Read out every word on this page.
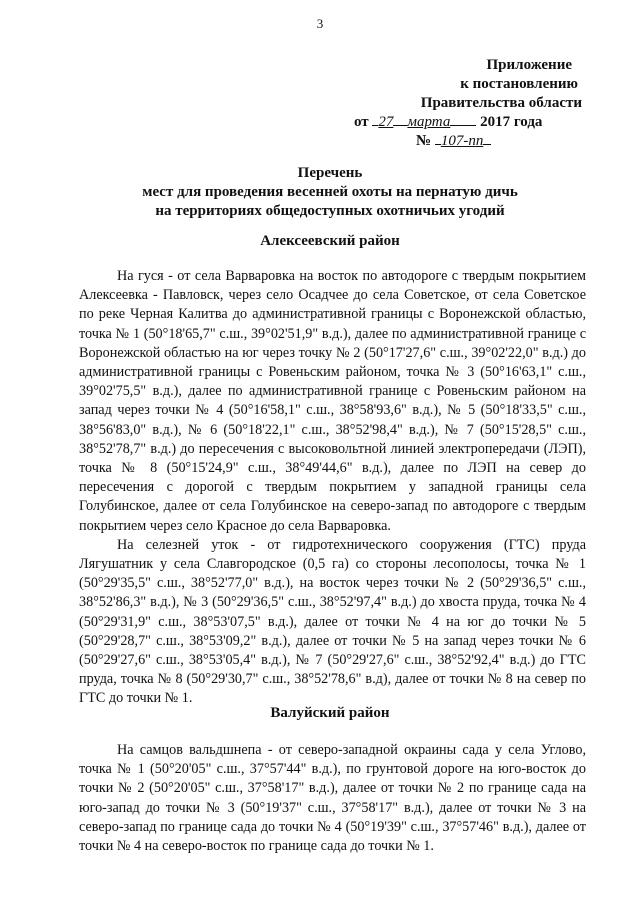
3
Приложение
к постановлению
Правительства области
от 27 марта 2017 года
№ 107-пп
Перечень
мест для проведения весенней охоты на пернатую дичь
на территориях общедоступных охотничьих угодий
Алексеевский район

На гуся - от села Варваровка на восток по автодороге с твердым покрытием Алексеевка - Павловск, через село Осадчее до села Советское, от села Советское по реке Черная Калитва до административной границы с Воронежской областью, точка № 1 (50°18'65,7" с.ш., 39°02'51,9" в.д.), далее по административной границе с Воронежской областью на юг через точку № 2 (50°17'27,6" с.ш., 39°02'22,0" в.д.) до административной границы с Ровеньским районом, точка № 3 (50°16'63,1" с.ш., 39°02'75,5" в.д.), далее по административной границе с Ровеньским районом на запад через точки № 4 (50°16'58,1" с.ш., 38°58'93,6" в.д.), № 5 (50°18'33,5" с.ш., 38°56'83,0" в.д.), № 6 (50°18'22,1" с.ш., 38°52'98,4" в.д.), № 7 (50°15'28,5" с.ш., 38°52'78,7" в.д.) до пересечения с высоковольтной линией электропередачи (ЛЭП), точка № 8 (50°15'24,9" с.ш., 38°49'44,6" в.д.), далее по ЛЭП на север до пересечения с дорогой с твердым покрытием у западной границы села Голубинское, далее от села Голубинское на северо-запад по автодороге с твердым покрытием через село Красное до села Варваровка.

На селезней уток - от гидротехнического сооружения (ГТС) пруда Лягушатник у села Славгородское (0,5 га) со стороны лесополосы, точка № 1 (50°29'35,5" с.ш., 38°52'77,0" в.д.), на восток через точки № 2 (50°29'36,5" с.ш., 38°52'86,3" в.д.), № 3 (50°29'36,5" с.ш., 38°52'97,4" в.д.) до хвоста пруда, точка № 4 (50°29'31,9" с.ш., 38°53'07,5" в.д.), далее от точки № 4 на юг до точки № 5 (50°29'28,7" с.ш., 38°53'09,2" в.д.), далее от точки № 5 на запад через точки № 6 (50°29'27,6" с.ш., 38°53'05,4" в.д.), № 7 (50°29'27,6" с.ш., 38°52'92,4" в.д.) до ГТС пруда, точка № 8 (50°29'30,7" с.ш., 38°52'78,6" в.д), далее от точки № 8 на север по ГТС до точки № 1.

Валуйский район

На самцов вальдшнепа - от северо-западной окраины сада у села Углово, точка № 1 (50°20'05" с.ш., 37°57'44" в.д.), по грунтовой дороге на юго-восток до точки № 2 (50°20'05" с.ш., 37°58'17" в.д.), далее от точки № 2 по границе сада на юго-запад до точки № 3 (50°19'37" с.ш., 37°58'17" в.д.), далее от точки № 3 на северо-запад по границе сада до точки № 4 (50°19'39" с.ш., 37°57'46" в.д.), далее от точки № 4 на северо-восток по границе сада до точки № 1.
